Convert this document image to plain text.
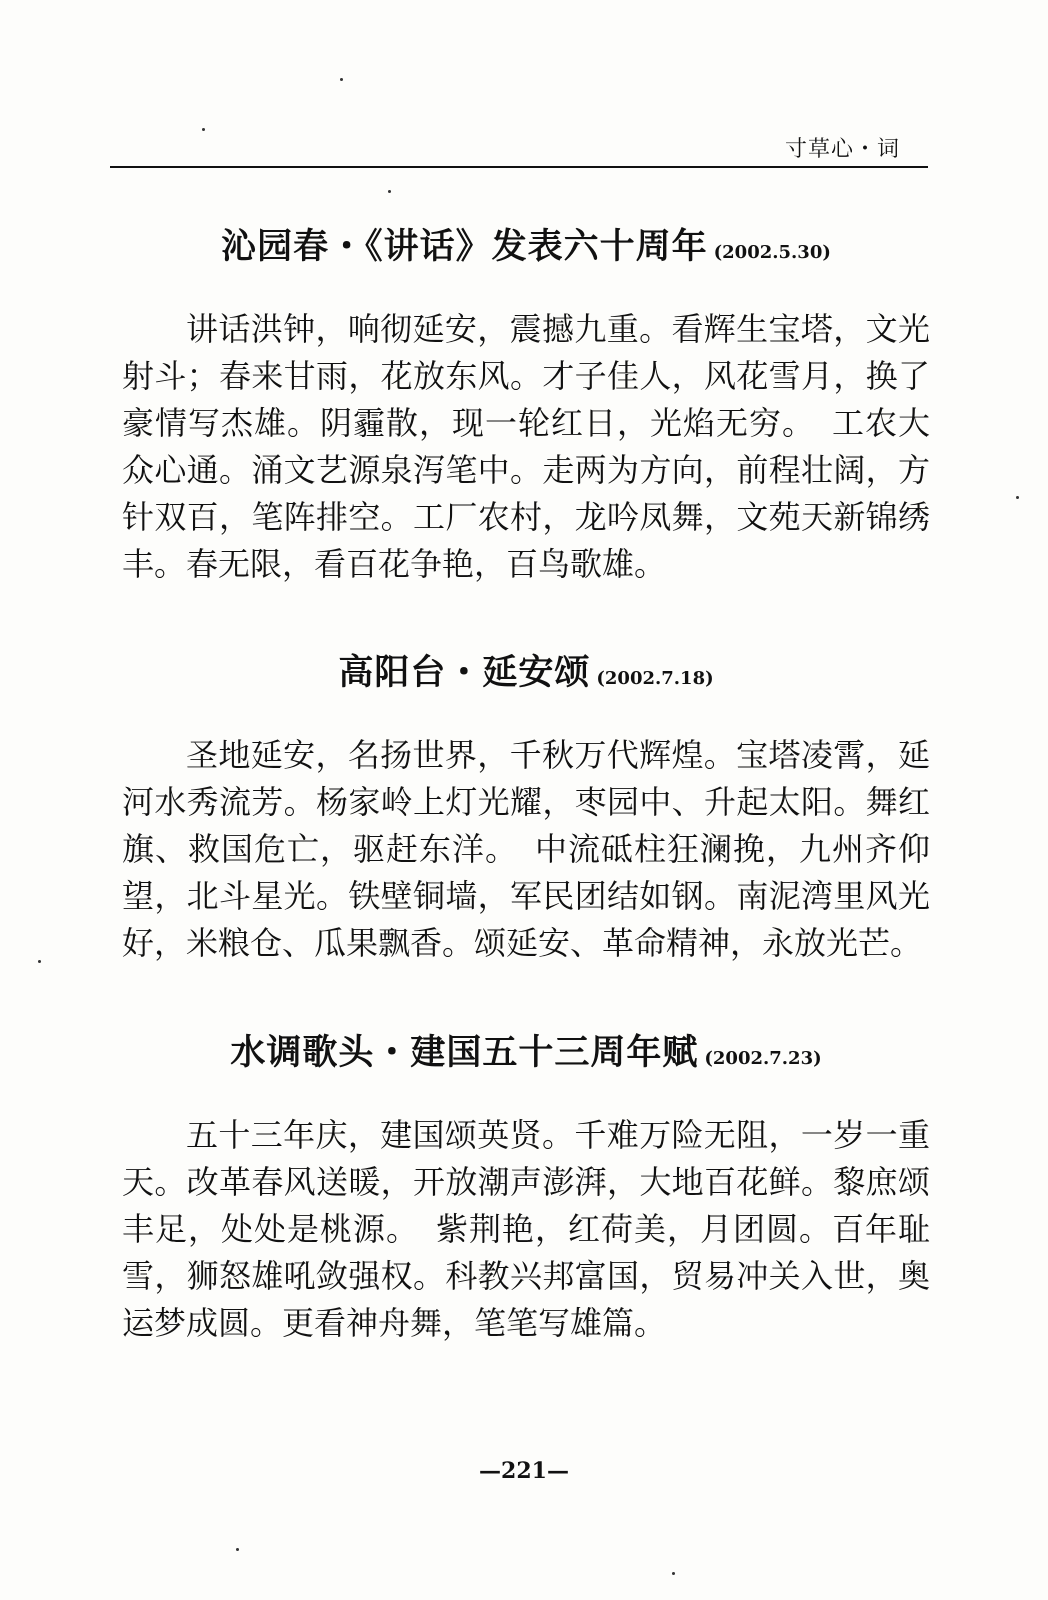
寸草心・词
沁园春・《讲话》发表六十周年 (2002.5.30)

讲话洪钟，响彻延安，震撼九重。看辉生宝塔，文光射斗；春来甘雨，花放东风。才子佳人，风花雪月，换了豪情写杰雄。阴霾散，现一轮红日，光焰无穷。　工农大众心通。涌文艺源泉泻笔中。走两为方向，前程壮阔，方针双百，笔阵排空。工厂农村，龙吟凤舞，文苑天新锦绣丰。春无限，看百花争艳，百鸟歌雄。

高阳台・延安颂 (2002.7.18)

圣地延安，名扬世界，千秋万代辉煌。宝塔凌霄，延河水秀流芳。杨家岭上灯光耀，枣园中、升起太阳。舞红旗、救国危亡，驱赶东洋。　中流砥柱狂澜挽，九州齐仰望，北斗星光。铁壁铜墙，军民团结如钢。南泥湾里风光好，米粮仓、瓜果飘香。颂延安、革命精神，永放光芒。

水调歌头・建国五十三周年赋 (2002.7.23)

五十三年庆，建国颂英贤。千难万险无阻，一岁一重天。改革春风送暖，开放潮声澎湃，大地百花鲜。黎庶颂丰足，处处是桃源。　紫荆艳，红荷美，月团圆。百年耻雪，狮怒雄吼敛强权。科教兴邦富国，贸易冲关入世，奥运梦成圆。更看神舟舞，笔笔写雄篇。

—221—
